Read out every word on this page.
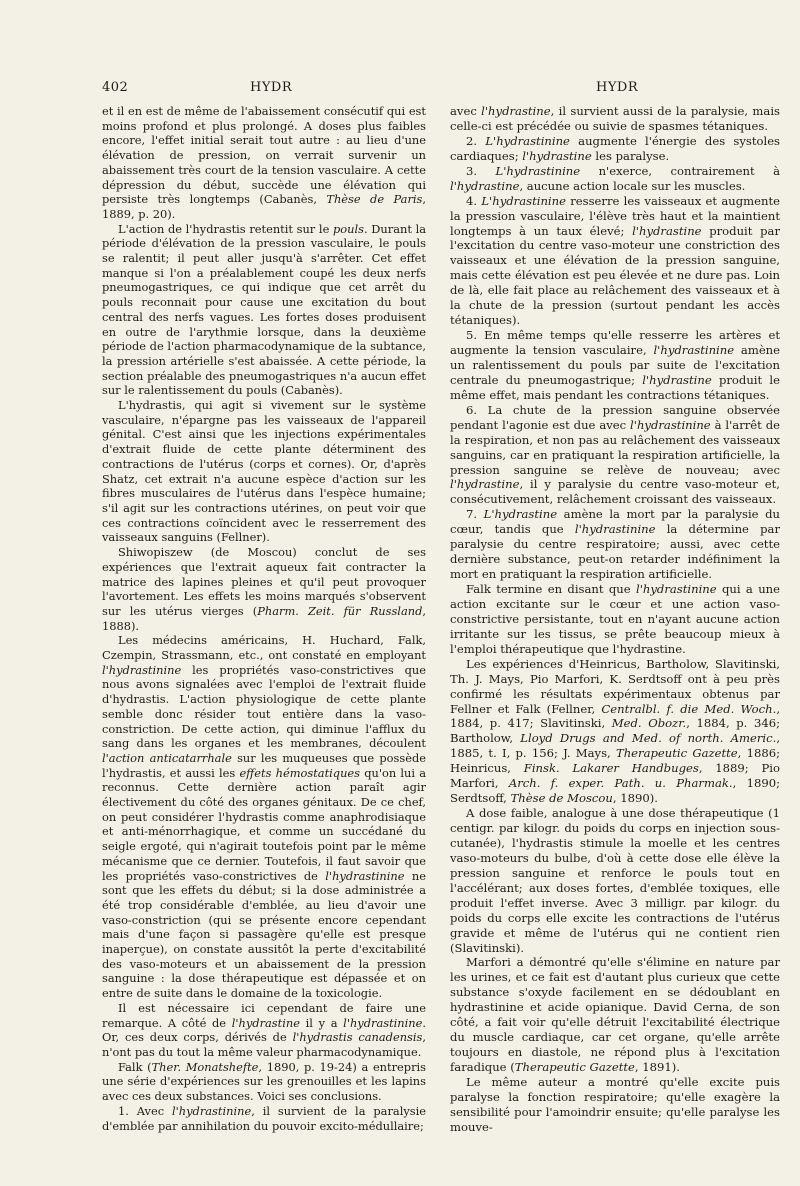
402	HYDR	HYDR

et il en est de même de l'abaissement consécutif qui est moins profond et plus prolongé. A doses plus faibles encore, l'effet initial serait tout autre : au lieu d'une élévation de pression, on verrait survenir un abaissement très court de la tension vasculaire. A cette dépression du début, succède une élévation qui persiste très longtemps (Cabanès, Thèse de Paris, 1889, p. 20).

L'action de l'hydrastis retentit sur le pouls. Durant la période d'élévation de la pression vasculaire, le pouls se ralentit; il peut aller jusqu'à s'arrêter. Cet effet manque si l'on a préalablement coupé les deux nerfs pneumogastriques, ce qui indique que cet arrêt du pouls reconnait pour cause une excitation du bout central des nerfs vagues. Les fortes doses produisent en outre de l'arythmie lorsque, dans la deuxième période de l'action pharmacodynamique de la subtance, la pression artérielle s'est abaissée. A cette période, la section préalable des pneumogastriques n'a aucun effet sur le ralentissement du pouls (Cabanès).

L'hydrastis, qui agit si vivement sur le système vasculaire, n'épargne pas les vaisseaux de l'appareil génital. C'est ainsi que les injections expérimentales d'extrait fluide de cette plante déterminent des contractions de l'utérus (corps et cornes). Or, d'après Shatz, cet extrait n'a aucune espèce d'action sur les fibres musculaires de l'utérus dans l'espèce humaine; s'il agit sur les contractions utérines, on peut voir que ces contractions coïncident avec le resserrement des vaisseaux sanguins (Fellner).

Shiwopiszew (de Moscou) conclut de ses expériences que l'extrait aqueux fait contracter la matrice des lapines pleines et qu'il peut provoquer l'avortement. Les effets les moins marqués s'observent sur les utérus vierges (Pharm. Zeit. für Russland, 1888).

Les médecins américains, H. Huchard, Falk, Czempin, Strassmann, etc., ont constaté en employant l'hydrastinine les propriétés vaso-constrictives que nous avons signalées avec l'emploi de l'extrait fluide d'hydrastis. L'action physiologique de cette plante semble donc résider tout entière dans la vaso-constriction. De cette action, qui diminue l'afflux du sang dans les organes et les membranes, découlent l'action anticatarrhale sur les muqueuses que possède l'hydrastis, et aussi les effets hémostatiques qu'on lui a reconnus. Cette dernière action paraît agir électivement du côté des organes génitaux. De ce chef, on peut considérer l'hydrastis comme anaphrodisiaque et anti-ménorrhagique, et comme un succédané du seigle ergoté, qui n'agirait toutefois point par le même mécanisme que ce dernier. Toutefois, il faut savoir que les propriétés vaso-constrictives de l'hydrastinine ne sont que les effets du début; si la dose administrée a été trop considérable d'emblée, au lieu d'avoir une vaso-constriction (qui se présente encore cependant mais d'une façon si passagère qu'elle est presque inaperçue), on constate aussitôt la perte d'excitabilité des vaso-moteurs et un abaissement de la pression sanguine : la dose thérapeutique est dépassée et on entre de suite dans le domaine de la toxicologie.

Il est nécessaire ici cependant de faire une remarque. A côté de l'hydrastine il y a l'hydrastinine. Or, ces deux corps, dérivés de l'hydrastis canadensis, n'ont pas du tout la même valeur pharmacodynamique.

Falk (Ther. Monatshefte, 1890, p. 19-24) a entrepris une série d'expériences sur les grenouilles et les lapins avec ces deux substances. Voici ses conclusions.

1. Avec l'hydrastinine, il survient de la paralysie d'emblée par annihilation du pouvoir excito-médullaire;

avec l'hydrastine, il survient aussi de la paralysie, mais celle-ci est précédée ou suivie de spasmes tétaniques.

2. L'hydrastinine augmente l'énergie des systoles cardiaques; l'hydrastine les paralyse.

3. L'hydrastinine n'exerce, contrairement à l'hydrastine, aucune action locale sur les muscles.

4. L'hydrastinine resserre les vaisseaux et augmente la pression vasculaire, l'élève très haut et la maintient longtemps à un taux élevé; l'hydrastine produit par l'excitation du centre vaso-moteur une constriction des vaisseaux et une élévation de la pression sanguine, mais cette élévation est peu élevée et ne dure pas. Loin de là, elle fait place au relâchement des vaisseaux et à la chute de la pression (surtout pendant les accès tétaniques).

5. En même temps qu'elle resserre les artères et augmente la tension vasculaire, l'hydrastinine amène un ralentissement du pouls par suite de l'excitation centrale du pneumogastrique; l'hydrastine produit le même effet, mais pendant les contractions tétaniques.

6. La chute de la pression sanguine observée pendant l'agonie est due avec l'hydrastinine à l'arrêt de la respiration, et non pas au relâchement des vaisseaux sanguins, car en pratiquant la respiration artificielle, la pression sanguine se relève de nouveau; avec l'hydrastine, il y paralysie du centre vaso-moteur et, consécutivement, relâchement croissant des vaisseaux.

7. L'hydrastine amène la mort par la paralysie du cœur, tandis que l'hydrastinine la détermine par paralysie du centre respiratoire; aussi, avec cette dernière substance, peut-on retarder indéfiniment la mort en pratiquant la respiration artificielle.

Falk termine en disant que l'hydrastinine qui a une action excitante sur le cœur et une action vaso-constrictive persistante, tout en n'ayant aucune action irritante sur les tissus, se prête beaucoup mieux à l'emploi thérapeutique que l'hydrastine.

Les expériences d'Heinricus, Bartholow, Slavitinski, Th. J. Mays, Pio Marfori, K. Serdtsoff ont à peu près confirmé les résultats expérimentaux obtenus par Fellner et Falk (Fellner, Centralbl. f. die Med. Woch., 1884, p. 417; Slavitinski, Med. Obozr., 1884, p. 346; Bartholow, Lloyd Drugs and Med. of north. Americ., 1885, t. I, p. 156; J. Mays, Therapeutic Gazette, 1886; Heinricus, Finsk. Lakarer Handbuges, 1889; Pio Marfori, Arch. f. exper. Path. u. Pharmak., 1890; Serdtsoff, Thèse de Moscou, 1890).

A dose faible, analogue à une dose thérapeutique (1 centigr. par kilogr. du poids du corps en injection sous-cutanée), l'hydrastis stimule la moelle et les centres vaso-moteurs du bulbe, d'où à cette dose elle élève la pression sanguine et renforce le pouls tout en l'accélérant; aux doses fortes, d'emblée toxiques, elle produit l'effet inverse. Avec 3 milligr. par kilogr. du poids du corps elle excite les contractions de l'utérus gravide et même de l'utérus qui ne contient rien (Slavitinski).

Marfori a démontré qu'elle s'élimine en nature par les urines, et ce fait est d'autant plus curieux que cette substance s'oxyde facilement en se dédoublant en hydrastinine et acide opianique. David Cerna, de son côté, a fait voir qu'elle détruit l'excitabilité électrique du muscle cardiaque, car cet organe, qu'elle arrête toujours en diastole, ne répond plus à l'excitation faradique (Therapeutic Gazette, 1891).

Le même auteur a montré qu'elle excite puis paralyse la fonction respiratoire; qu'elle exagère la sensibilité pour l'amoindrir ensuite; qu'elle paralyse les mouve-
